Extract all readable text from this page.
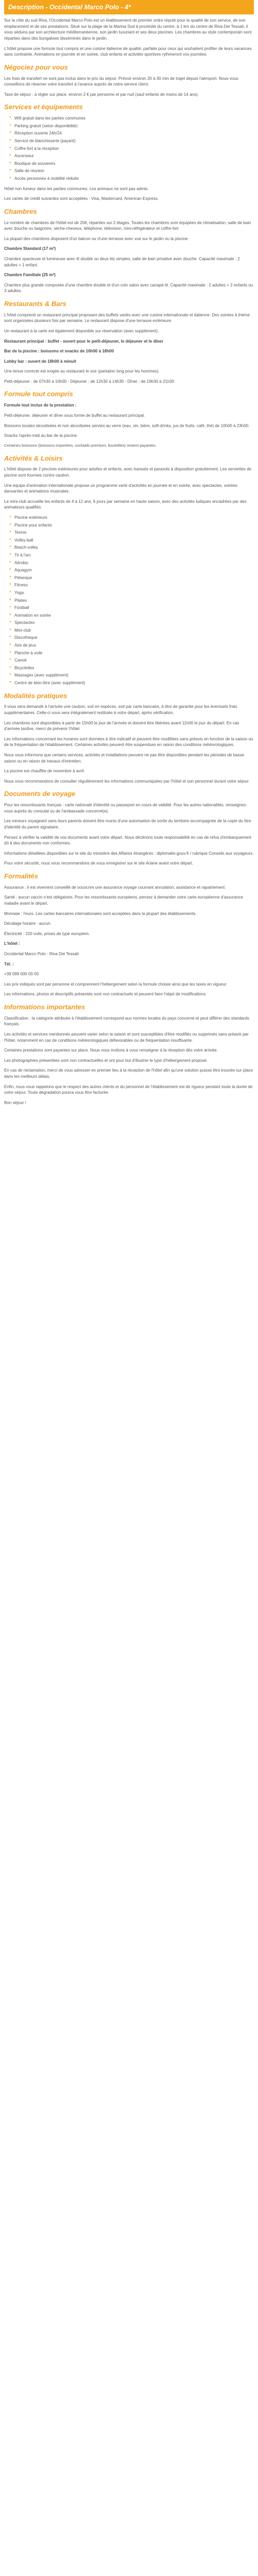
Description - Occidental Marco Polo - 4*

Sur la côte du sud Riva, l'Occidental Marco Polo est un établissement de premier ordre réputé pour la qualité de son service, de son emplacement et de ses prestations. Situé sur la plage de la Marina Sud à proximité du centre, à 1 km du centre de Riva Dei Tessali, il vous séduira par son architecture méditerranéenne, son jardin luxuriant et ses deux piscines. Les chambres au style contemporain sont réparties dans des bungalows disséminés dans le jardin.

L'hôtel propose une formule tout compris et une cuisine italienne de qualité, parfaite pour ceux qui souhaitent profiter de leurs vacances sans contrainte. Animations en journée et en soirée, club enfants et activités sportives rythmeront vos journées.

Négociez pour vous

Les frais de transfert ne sont pas inclus dans le prix du séjour. Prévoir environ 20 à 30 min de trajet depuis l'aéroport. Nous vous conseillons de réserver votre transfert à l'avance auprès de notre service client.

Taxe de séjour : à régler sur place, environ 2 € par personne et par nuit (sauf enfants de moins de 14 ans).

Services et équipements
● Wifi gratuit dans les parties communes
● Parking gratuit (selon disponibilité)
● Réception ouverte 24h/24
● Service de blanchisserie (payant)
● Coffre-fort à la réception
● Ascenseur
● Boutique de souvenirs
● Salle de réunion
● Accès personnes à mobilité réduite

Hôtel non fumeur dans les parties communes. Les animaux ne sont pas admis.

Les cartes de crédit suivantes sont acceptées : Visa, Mastercard, American Express.

Chambres

Le nombre de chambres de l'hôtel est de 206, réparties sur 2 étages. Toutes les chambres sont équipées de climatisation, salle de bain avec douche ou baignoire, sèche-cheveux, téléphone, télévision, mini-réfrigérateur et coffre-fort.

La plupart des chambres disposent d'un balcon ou d'une terrasse avec vue sur le jardin ou la piscine.

Chambre Standard (17 m²)

Chambre spacieuse et lumineuse avec lit double ou deux lits simples, salle de bain privative avec douche. Capacité maximale : 2 adultes + 1 enfant.

Chambre Familiale (25 m²)

Chambre plus grande composée d'une chambre double et d'un coin salon avec canapé-lit. Capacité maximale : 2 adultes + 2 enfants ou 3 adultes.

Restaurants & Bars

L'hôtel comprend un restaurant principal proposant des buffets variés avec une cuisine internationale et italienne. Des soirées à thème sont organisées plusieurs fois par semaine. Le restaurant dispose d'une terrasse extérieure.

Un restaurant à la carte est également disponible sur réservation (avec supplément).

Restaurant principal : buffet - ouvert pour le petit-déjeuner, le déjeuner et le dîner

Bar de la piscine : boissons et snacks de 10h00 à 18h00

Lobby bar : ouvert de 18h00 à minuit

Une tenue correcte est exigée au restaurant le soir (pantalon long pour les hommes).

Petit-déjeuner : de 07h30 à 10h00 - Déjeuner : de 12h30 à 14h30 - Dîner : de 19h30 à 21h30

Formule tout compris

Formule tout inclus de la prestation :

Petit-déjeuner, déjeuner et dîner sous forme de buffet au restaurant principal.

Boissons locales alcoolisées et non alcoolisées servies au verre (eau, vin, bière, soft-drinks, jus de fruits, café, thé) de 10h00 à 23h00.

Snacks l'après-midi au bar de la piscine.

Certaines boissons (boissons importées, cocktails premium, bouteilles) restent payantes.

Activités & Loisirs

L'hôtel dispose de 2 piscines extérieures pour adultes et enfants, avec transats et parasols à disposition gratuitement. Les serviettes de piscine sont fournies contre caution.

Une équipe d'animation internationale propose un programme varié d'activités en journée et en soirée, avec spectacles, soirées dansantes et animations musicales.

Le mini-club accueille les enfants de 4 à 12 ans, 6 jours par semaine en haute saison, avec des activités ludiques encadrées par des animateurs qualifiés.

● Piscine extérieure
● Piscine pour enfants
● Tennis
● Volley-ball
● Beach-volley
● Tir à l'arc
● Aérobic
● Aquagym
● Pétanque
● Fitness
● Yoga
● Pilates
● Football
● Animation en soirée
● Spectacles
● Mini-club
● Discothèque
● Aire de jeux
● Planche à voile
● Canoë
● Bicyclettes
● Massages (avec supplément)
● Centre de bien-être (avec supplément)
Modalités pratiques

Il vous sera demandé à l'arrivée une caution, soit en espèces, soit par carte bancaire, à titre de garantie pour les éventuels frais supplémentaires. Celle-ci vous sera intégralement restituée à votre départ, après vérification.

Les chambres sont disponibles à partir de 15h00 le jour de l'arrivée et doivent être libérées avant 11h00 le jour du départ. En cas d'arrivée tardive, merci de prévenir l'hôtel.

Les informations concernant les horaires sont données à titre indicatif et peuvent être modifiées sans préavis en fonction de la saison ou de la fréquentation de l'établissement. Certaines activités peuvent être suspendues en raison des conditions météorologiques.

Nous vous informons que certains services, activités et installations peuvent ne pas être disponibles pendant les périodes de basse saison ou en raison de travaux d'entretien.

La piscine est chauffée de novembre à avril.

Nous vous recommandons de consulter régulièrement les informations communiquées par l'hôtel et son personnel durant votre séjour.

Documents de voyage

Pour les ressortissants français : carte nationale d'identité ou passeport en cours de validité. Pour les autres nationalités, renseignez-vous auprès du consulat ou de l'ambassade concerné(e).

Les mineurs voyageant sans leurs parents doivent être munis d'une autorisation de sortie du territoire accompagnée de la copie du titre d'identité du parent signataire.

Pensez à vérifier la validité de vos documents avant votre départ. Nous déclinons toute responsabilité en cas de refus d'embarquement dû à des documents non conformes.

Informations détaillées disponibles sur le site du ministère des Affaires étrangères : diplomatie.gouv.fr / rubrique Conseils aux voyageurs.

Pour votre sécurité, nous vous recommandons de vous enregistrer sur le site Ariane avant votre départ.

Formalités

Assurance : il est vivement conseillé de souscrire une assurance voyage couvrant annulation, assistance et rapatriement.

Santé : aucun vaccin n'est obligatoire. Pour les ressortissants européens, pensez à demander votre carte européenne d'assurance maladie avant le départ.

Monnaie : l'euro. Les cartes bancaires internationales sont acceptées dans la plupart des établissements.

Décalage horaire : aucun.

Électricité : 220 volts, prises de type européen.

L'hôtel :

Occidental Marco Polo - Riva Dei Tessali

Tél. :

+39 099 000 00 00

Les prix indiqués sont par personne et comprennent l'hébergement selon la formule choisie ainsi que les taxes en vigueur.

Les informations, photos et descriptifs présentés sont non contractuels et peuvent faire l'objet de modifications.

Informations importantes

Classification : la catégorie attribuée à l'établissement correspond aux normes locales du pays concerné et peut différer des standards français.

Les activités et services mentionnés peuvent varier selon la saison et sont susceptibles d'être modifiés ou supprimés sans préavis par l'hôtel, notamment en cas de conditions météorologiques défavorables ou de fréquentation insuffisante.

Certaines prestations sont payantes sur place. Nous vous invitons à vous renseigner à la réception dès votre arrivée.

Les photographies présentées sont non contractuelles et ont pour but d'illustrer le type d'hébergement proposé.

En cas de réclamation, merci de vous adresser en premier lieu à la réception de l'hôtel afin qu'une solution puisse être trouvée sur place dans les meilleurs délais.

Enfin, nous vous rappelons que le respect des autres clients et du personnel de l'établissement est de rigueur pendant toute la durée de votre séjour. Toute dégradation pourra vous être facturée.

Bon séjour !
